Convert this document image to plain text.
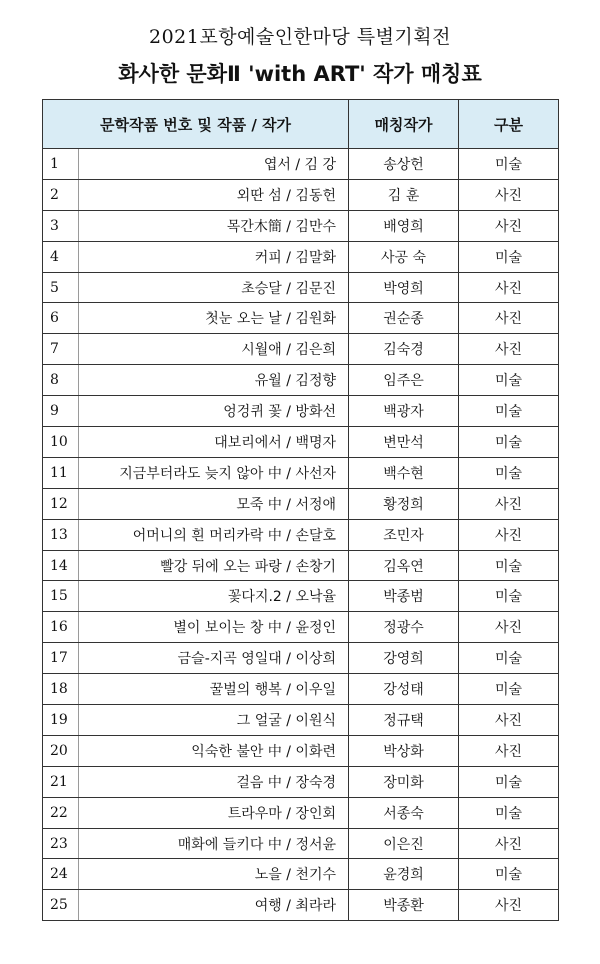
2021포항예술인한마당 특별기획전
화사한 문화Ⅱ 'with ART' 작가 매칭표
문학작품 번호 및 작품 / 작가		매칭작가	구분
1	엽서 / 김 강	송상헌	미술
2	외딴 섬 / 김동헌	김 훈	사진
3	목간木簡 / 김만수	배영희	사진
4	커피 / 김말화	사공 숙	미술
5	초승달 / 김문진	박영희	사진
6	첫눈 오는 날 / 김원화	권순종	사진
7	시월애 / 김은희	김숙경	사진
8	유월 / 김정향	임주은	미술
9	엉겅퀴 꽃 / 방화선	백광자	미술
10	대보리에서 / 백명자	변만석	미술
11	지금부터라도 늦지 않아 中 / 사선자	백수현	미술
12	모죽 中 / 서정애	황정희	사진
13	어머니의 흰 머리카락 中 / 손달호	조민자	사진
14	빨강 뒤에 오는 파랑 / 손창기	김옥연	미술
15	꽃다지.2 / 오낙율	박종범	미술
16	별이 보이는 창 中 / 윤정인	정광수	사진
17	금슬-지곡 영일대 / 이상희	강영희	미술
18	꿀벌의 행복 / 이우일	강성태	미술
19	그 얼굴 / 이원식	정규택	사진
20	익숙한 불안 中 / 이화련	박상화	사진
21	걸음 中 / 장숙경	장미화	미술
22	트라우마 / 장인회	서종숙	미술
23	매화에 들키다 中 / 정서윤	이은진	사진
24	노을 / 천기수	윤경희	미술
25	여행 / 최라라	박종환	사진
